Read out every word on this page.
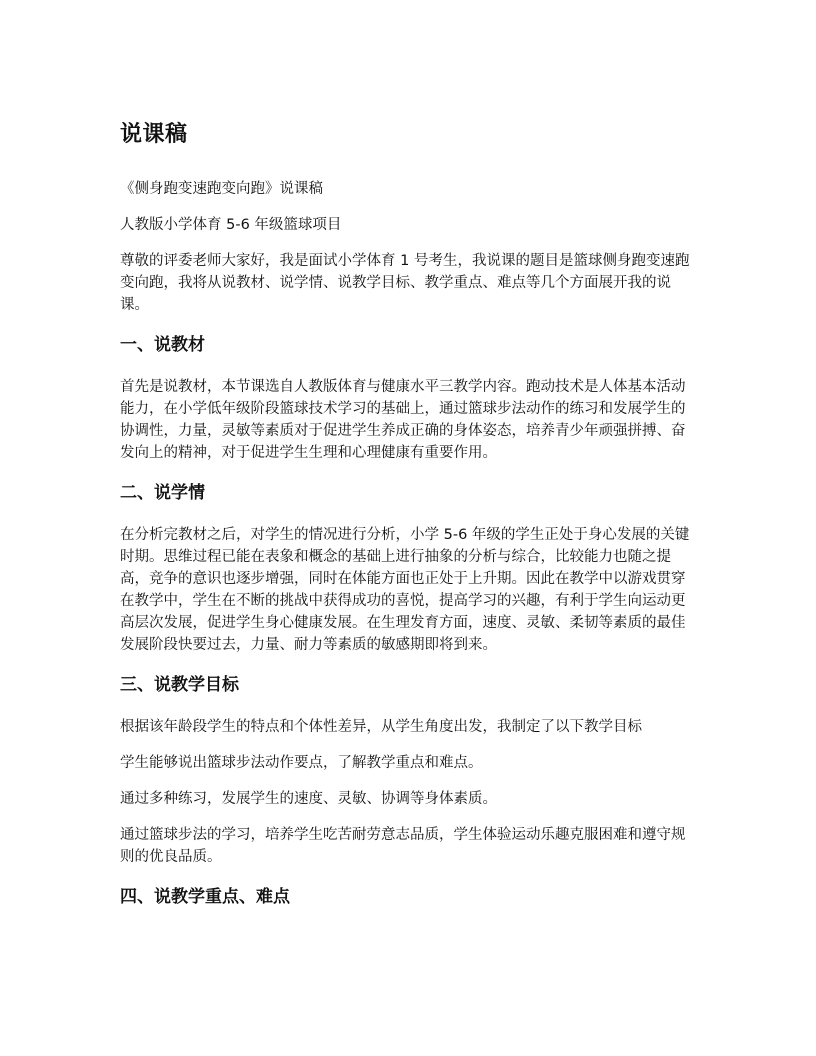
说课稿

《侧身跑变速跑变向跑》说课稿

人教版小学体育 5-6 年级篮球项目

尊敬的评委老师大家好，我是面试小学体育 1 号考生，我说课的题目是篮球侧身跑变速跑变向跑，我将从说教材、说学情、说教学目标、教学重点、难点等几个方面展开我的说课。

一、说教材

首先是说教材，本节课选自人教版体育与健康水平三教学内容。跑动技术是人体基本活动能力，在小学低年级阶段篮球技术学习的基础上，通过篮球步法动作的练习和发展学生的协调性，力量，灵敏等素质对于促进学生养成正确的身体姿态，培养青少年顽强拼搏、奋发向上的精神，对于促进学生生理和心理健康有重要作用。

二、说学情

在分析完教材之后，对学生的情况进行分析，小学 5-6 年级的学生正处于身心发展的关键时期。思维过程已能在表象和概念的基础上进行抽象的分析与综合，比较能力也随之提高，竞争的意识也逐步增强，同时在体能方面也正处于上升期。因此在教学中以游戏贯穿在教学中，学生在不断的挑战中获得成功的喜悦，提高学习的兴趣，有利于学生向运动更高层次发展，促进学生身心健康发展。在生理发育方面，速度、灵敏、柔韧等素质的最佳发展阶段快要过去，力量、耐力等素质的敏感期即将到来。

三、说教学目标

根据该年龄段学生的特点和个体性差异，从学生角度出发，我制定了以下教学目标

学生能够说出篮球步法动作要点，了解教学重点和难点。

通过多种练习，发展学生的速度、灵敏、协调等身体素质。

通过篮球步法的学习，培养学生吃苦耐劳意志品质，学生体验运动乐趣克服困难和遵守规则的优良品质。

四、说教学重点、难点
